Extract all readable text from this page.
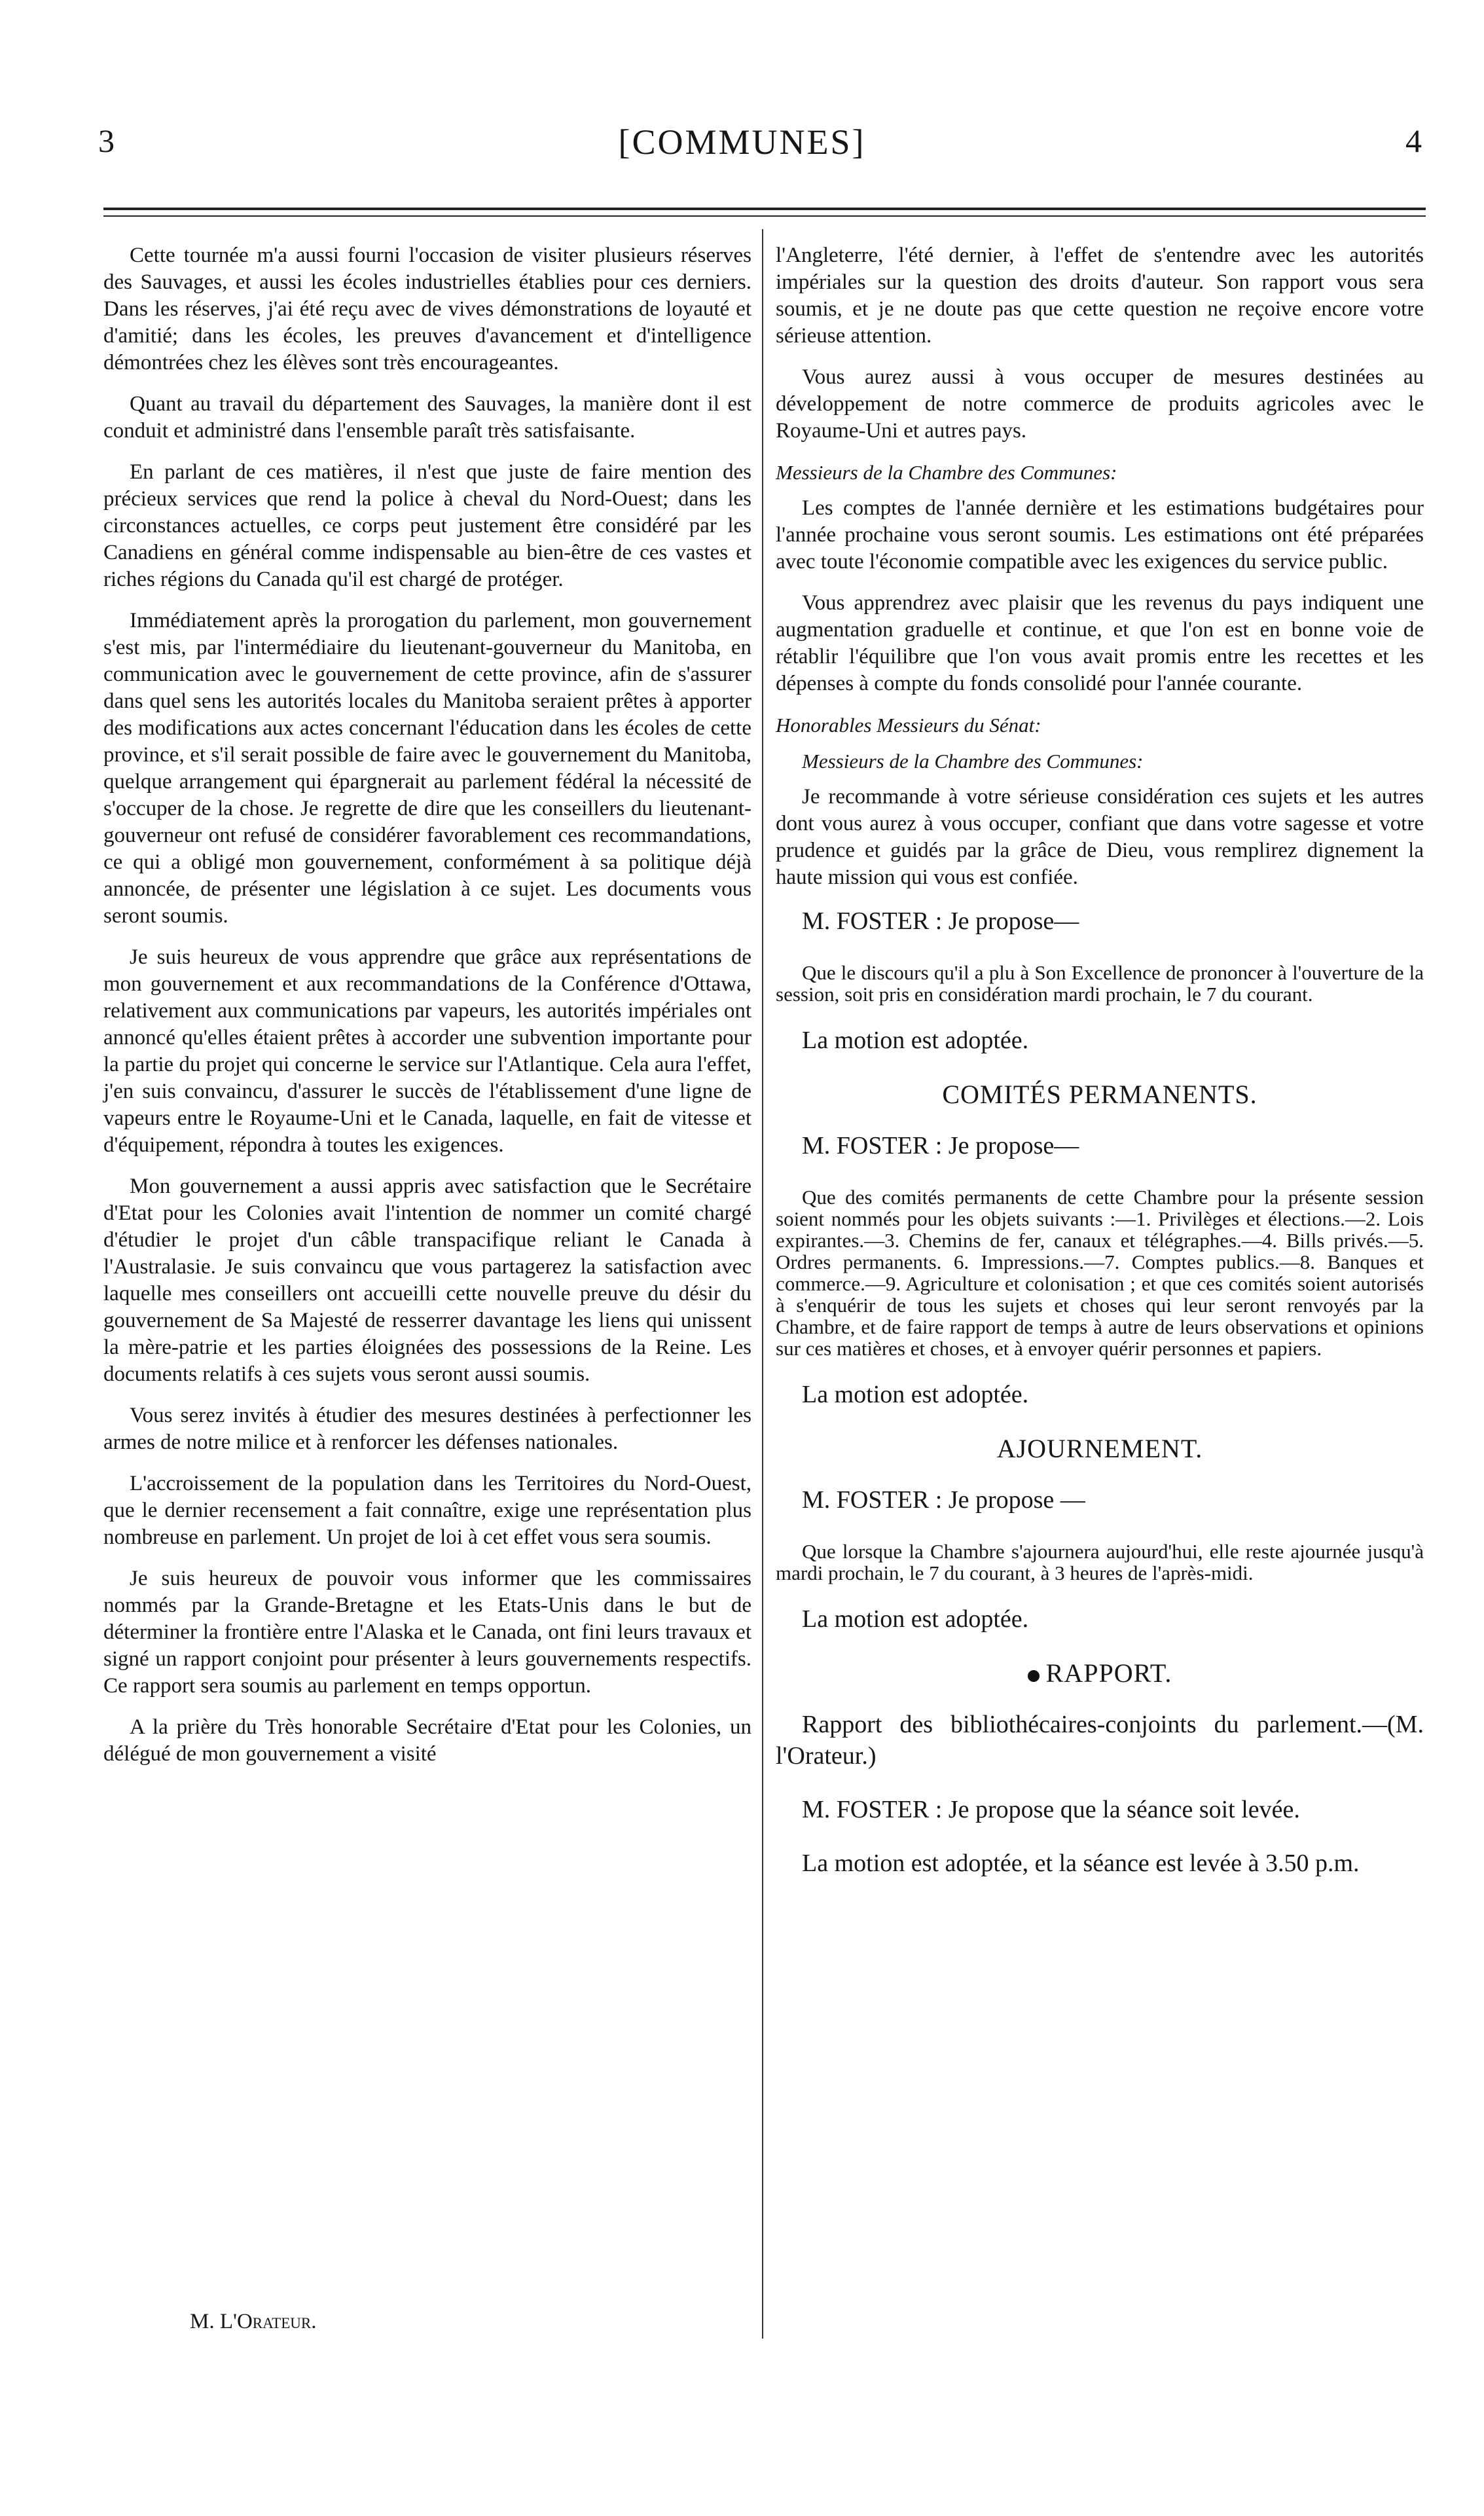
3	[COMMUNES]	4

Cette tournée m'a aussi fourni l'occasion de visiter plusieurs réserves des Sauvages, et aussi les écoles industrielles établies pour ces derniers. Dans les réserves, j'ai été reçu avec de vives démonstrations de loyauté et d'amitié; dans les écoles, les preuves d'avancement et d'intelligence démontrées chez les élèves sont très encourageantes.

Quant au travail du département des Sauvages, la manière dont il est conduit et administré dans l'ensemble paraît très satisfaisante.

En parlant de ces matières, il n'est que juste de faire mention des précieux services que rend la police à cheval du Nord-Ouest; dans les circonstances actuelles, ce corps peut justement être considéré par les Canadiens en général comme indispensable au bien-être de ces vastes et riches régions du Canada qu'il est chargé de protéger.

Immédiatement après la prorogation du parlement, mon gouvernement s'est mis, par l'intermédiaire du lieutenant-gouverneur du Manitoba, en communication avec le gouvernement de cette province, afin de s'assurer dans quel sens les autorités locales du Manitoba seraient prêtes à apporter des modifications aux actes concernant l'éducation dans les écoles de cette province, et s'il serait possible de faire avec le gouvernement du Manitoba, quelque arrangement qui épargnerait au parlement fédéral la nécessité de s'occuper de la chose. Je regrette de dire que les conseillers du lieutenant-gouverneur ont refusé de considérer favorablement ces recommandations, ce qui a obligé mon gouvernement, conformément à sa politique déjà annoncée, de présenter une législation à ce sujet. Les documents vous seront soumis.

Je suis heureux de vous apprendre que grâce aux représentations de mon gouvernement et aux recommandations de la Conférence d'Ottawa, relativement aux communications par vapeurs, les autorités impériales ont annoncé qu'elles étaient prêtes à accorder une subvention importante pour la partie du projet qui concerne le service sur l'Atlantique. Cela aura l'effet, j'en suis convaincu, d'assurer le succès de l'établissement d'une ligne de vapeurs entre le Royaume-Uni et le Canada, laquelle, en fait de vitesse et d'équipement, répondra à toutes les exigences.

Mon gouvernement a aussi appris avec satisfaction que le Secrétaire d'Etat pour les Colonies avait l'intention de nommer un comité chargé d'étudier le projet d'un câble transpacifique reliant le Canada à l'Australasie. Je suis convaincu que vous partagerez la satisfaction avec laquelle mes conseillers ont accueilli cette nouvelle preuve du désir du gouvernement de Sa Majesté de resserrer davantage les liens qui unissent la mère-patrie et les parties éloignées des possessions de la Reine. Les documents relatifs à ces sujets vous seront aussi soumis.

Vous serez invités à étudier des mesures destinées à perfectionner les armes de notre milice et à renforcer les défenses nationales.

L'accroissement de la population dans les Territoires du Nord-Ouest, que le dernier recensement a fait connaître, exige une représentation plus nombreuse en parlement. Un projet de loi à cet effet vous sera soumis.

Je suis heureux de pouvoir vous informer que les commissaires nommés par la Grande-Bretagne et les Etats-Unis dans le but de déterminer la frontière entre l'Alaska et le Canada, ont fini leurs travaux et signé un rapport conjoint pour présenter à leurs gouvernements respectifs. Ce rapport sera soumis au parlement en temps opportun.

A la prière du Très honorable Secrétaire d'Etat pour les Colonies, un délégué de mon gouvernement a visité

M. L'Orateur.

l'Angleterre, l'été dernier, à l'effet de s'entendre avec les autorités impériales sur la question des droits d'auteur. Son rapport vous sera soumis, et je ne doute pas que cette question ne reçoive encore votre sérieuse attention.

Vous aurez aussi à vous occuper de mesures destinées au développement de notre commerce de produits agricoles avec le Royaume-Uni et autres pays.

Messieurs de la Chambre des Communes:

Les comptes de l'année dernière et les estimations budgétaires pour l'année prochaine vous seront soumis. Les estimations ont été préparées avec toute l'économie compatible avec les exigences du service public.

Vous apprendrez avec plaisir que les revenus du pays indiquent une augmentation graduelle et continue, et que l'on est en bonne voie de rétablir l'équilibre que l'on vous avait promis entre les recettes et les dépenses à compte du fonds consolidé pour l'année courante.

Honorables Messieurs du Sénat:

Messieurs de la Chambre des Communes:

Je recommande à votre sérieuse considération ces sujets et les autres dont vous aurez à vous occuper, confiant que dans votre sagesse et votre prudence et guidés par la grâce de Dieu, vous remplirez dignement la haute mission qui vous est confiée.

M. FOSTER : Je propose—

Que le discours qu'il a plu à Son Excellence de prononcer à l'ouverture de la session, soit pris en considération mardi prochain, le 7 du courant.

La motion est adoptée.

COMITÉS PERMANENTS.

M. FOSTER : Je propose—

Que des comités permanents de cette Chambre pour la présente session soient nommés pour les objets suivants :—1. Privilèges et élections.—2. Lois expirantes.—3. Chemins de fer, canaux et télégraphes.—4. Bills privés.—5. Ordres permanents. 6. Impressions.—7. Comptes publics.—8. Banques et commerce.—9. Agriculture et colonisation ; et que ces comités soient autorisés à s'enquérir de tous les sujets et choses qui leur seront renvoyés par la Chambre, et de faire rapport de temps à autre de leurs observations et opinions sur ces matières et choses, et à envoyer quérir personnes et papiers.

La motion est adoptée.

AJOURNEMENT.

M. FOSTER : Je propose —

Que lorsque la Chambre s'ajournera aujourd'hui, elle reste ajournée jusqu'à mardi prochain, le 7 du courant, à 3 heures de l'après-midi.

La motion est adoptée.

RAPPORT.

Rapport des bibliothécaires-conjoints du parlement.—(M. l'Orateur.)

M. FOSTER : Je propose que la séance soit levée.

La motion est adoptée, et la séance est levée à 3.50 p.m.
